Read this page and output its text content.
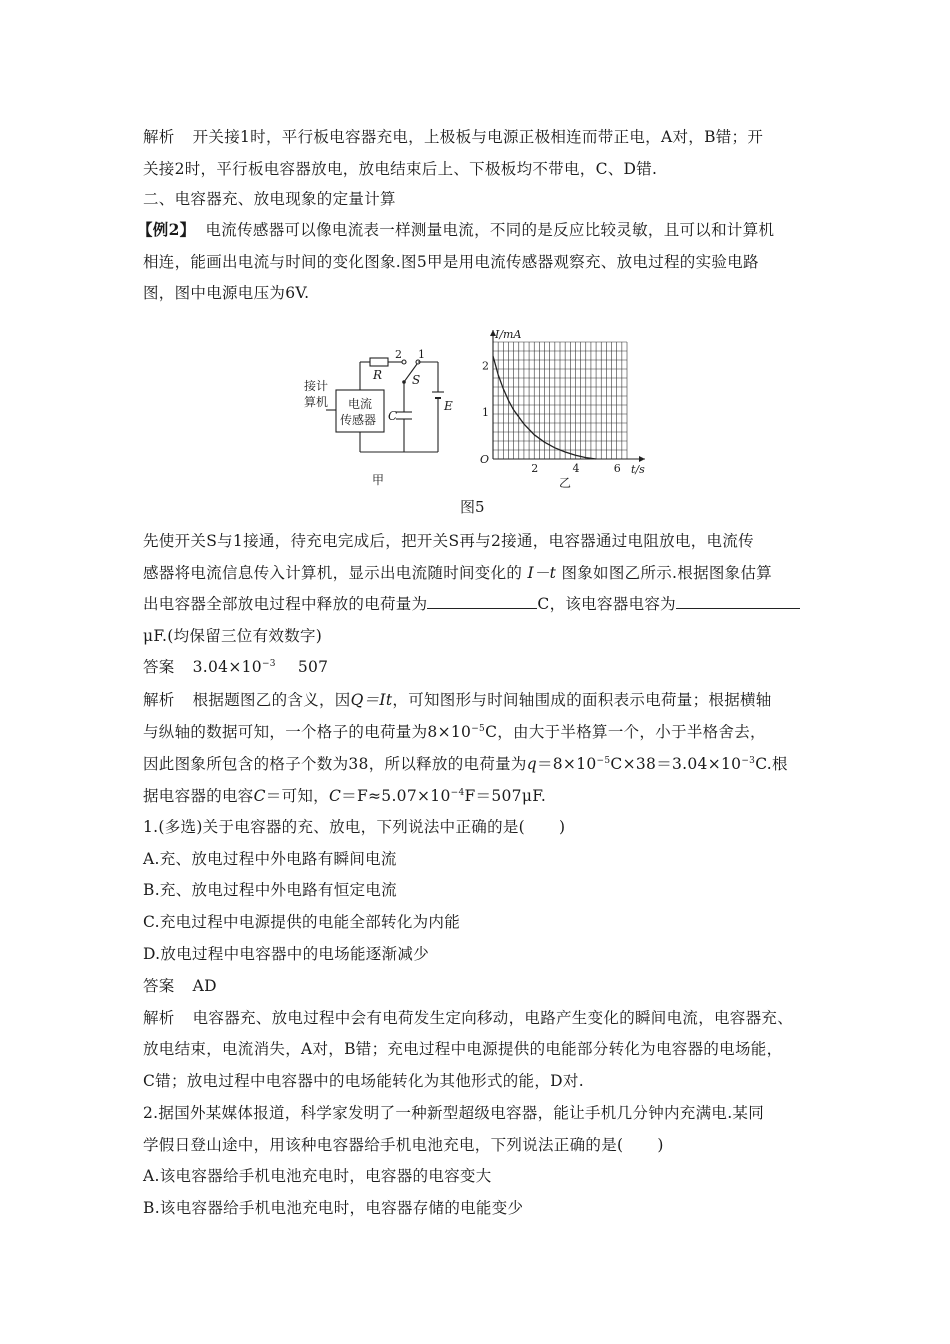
解析 开关接1时，平行板电容器充电，上极板与电源正极相连而带正电，A对，B错；开
关接2时，平行板电容器放电，放电结束后上、下极板均不带电，C、D错.
二、电容器充、放电现象的定量计算
【例2】 电流传感器可以像电流表一样测量电流，不同的是反应比较灵敏，且可以和计算机
相连，能画出电流与时间的变化图象.图5甲是用电流传感器观察充、放电过程的实验电路
图，图中电源电压为6V.
接计
算机 电流
传感器
R
2 1
S
C
E
甲
2	4	6
1
2
I/mA
t/s
O
乙
图5
先使开关S与1接通，待充电完成后，把开关S再与2接通，电容器通过电阻放电，电流传
感器将电流信息传入计算机，显示出电流随时间变化的 I－t 图象如图乙所示.根据图象估算
出电容器全部放电过程中释放的电荷量为	C，该电容器电容为
μF.(均保留三位有效数字)
答案 $3.04\times 10^{-3}$ 507
解析 根据题图乙的含义，因Q＝It，可知图形与时间轴围成的面积表示电荷量；根据横轴
与纵轴的数据可知，一个格子的电荷量为$8\times 10^{-5}C$，由大于半格算一个，小于半格舍去，
因此图象所包含的格子个数为38，所以释放的电荷量为$q=8\times 10^{-5}C\times 38=3.04\times 10^{-3}C$.根
据电容器的电容C＝可知，$C=F\approx 5.07\times 10^{-4}F=507\mu F$.
1.(多选)关于电容器的充、放电，下列说法中正确的是( )
A.充、放电过程中外电路有瞬间电流
B.充、放电过程中外电路有恒定电流
C.充电过程中电源提供的电能全部转化为内能
D.放电过程中电容器中的电场能逐渐减少
答案 AD
解析 电容器充、放电过程中会有电荷发生定向移动，电路产生变化的瞬间电流，电容器充、
放电结束，电流消失，A对，B错；充电过程中电源提供的电能部分转化为电容器的电场能，
C错；放电过程中电容器中的电场能转化为其他形式的能，D对.
2.据国外某媒体报道，科学家发明了一种新型超级电容器，能让手机几分钟内充满电.某同
学假日登山途中，用该种电容器给手机电池充电，下列说法正确的是( )
A.该电容器给手机电池充电时，电容器的电容变大
B.该电容器给手机电池充电时，电容器存储的电能变少
